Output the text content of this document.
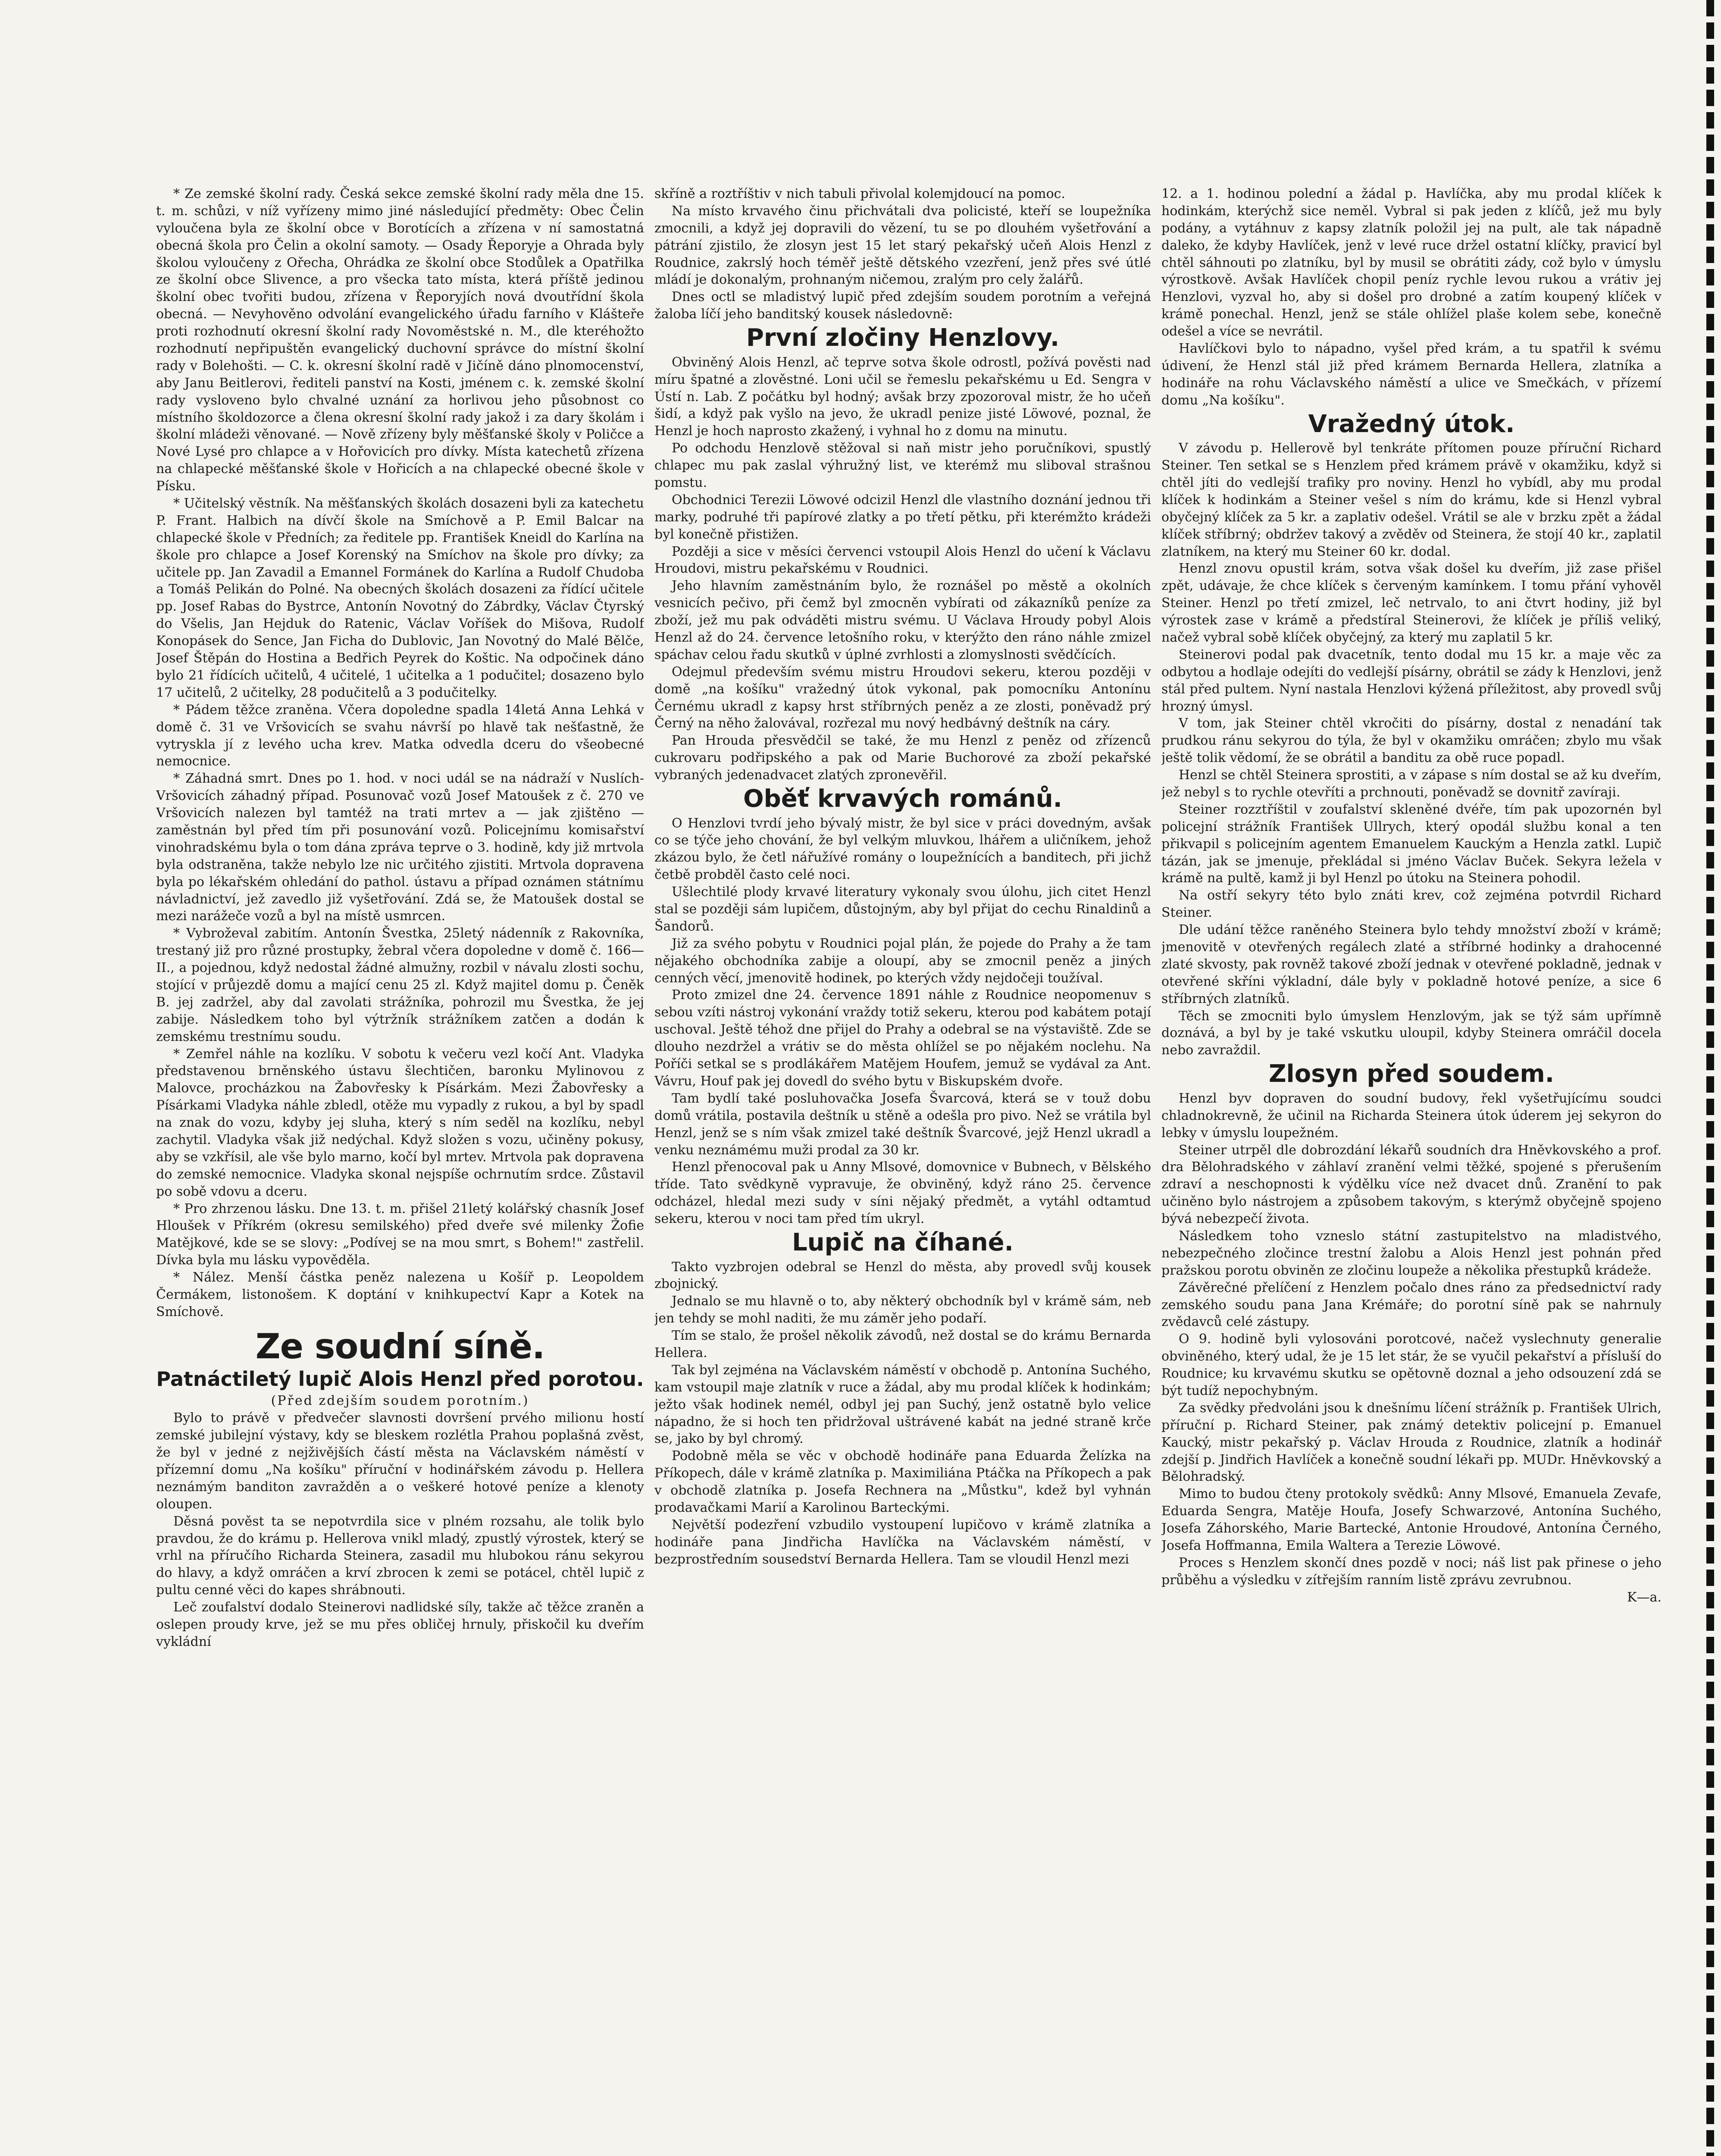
* Ze zemské školní rady. Česká sekce zemské školní rady měla dne 15. t. m. schůzi, v níž vyřízeny mimo jiné následující předměty: Obec Čelin vyloučena byla ze školní obce v Borotících a zřízena v ní samostatná obecná škola pro Čelin a okolní samoty. — Osady Řeporyje a Ohrada byly školou vyloučeny z Ořecha, Ohrádka ze školní obce Stodůlek a Opatřilka ze školní obce Slivence, a pro všecka tato místa, která příště jedinou školní obec tvořiti budou, zřízena v Řeporyjích nová dvoutřídní škola obecná. — Nevyhověno odvolání evangelického úřadu farního v Klášteře proti rozhodnutí okresní školní rady Novoměstské n. M., dle kteréhožto rozhodnutí nepřipuštěn evangelický duchovní správce do místní školní rady v Bolehošti. — C. k. okresní školní radě v Jičíně dáno plnomocenství, aby Janu Beitlerovi, řediteli panství na Kosti, jménem c. k. zemské školní rady vysloveno bylo chvalné uznání za horlivou jeho působnost co místního školdozorce a člena okresní školní rady jakož i za dary školám i školní mládeži věnované. — Nově zřízeny byly měšťanské školy v Poličce a Nové Lysé pro chlapce a v Hořovicích pro dívky. Místa katechetů zřízena na chlapecké měšťanské škole v Hořicích a na chlapecké obecné škole v Písku.

* Učitelský věstník. Na měšťanských školách dosazeni byli za katechetu P. Frant. Halbich na dívčí škole na Smíchově a P. Emil Balcar na chlapecké škole v Předních; za ředitele pp. František Kneidl do Karlína na škole pro chlapce a Josef Korenský na Smíchov na škole pro dívky; za učitele pp. Jan Zavadil a Emannel Formánek do Karlína a Rudolf Chudoba a Tomáš Pelikán do Polné. Na obecných školách dosazeni za řídící učitele pp. Josef Rabas do Bystrce, Antonín Novotný do Zábrdky, Václav Čtyrský do Všelis, Jan Hejduk do Ratenic, Václav Voříšek do Mišova, Rudolf Konopásek do Sence, Jan Ficha do Dublovic, Jan Novotný do Malé Bělče, Josef Štěpán do Hostina a Bedřich Peyrek do Koštic. Na odpočinek dáno bylo 21 řídících učitelů, 4 učitelé, 1 učitelka a 1 podučitel; dosazeno bylo 17 učitelů, 2 učitelky, 28 podučitelů a 3 podučitelky.

* Pádem těžce zraněna. Včera dopoledne spadla 14letá Anna Lehká v domě č. 31 ve Vršovicích se svahu návrší po hlavě tak nešťastně, že vytryskla jí z levého ucha krev. Matka odvedla dceru do všeobecné nemocnice.

* Záhadná smrt. Dnes po 1. hod. v noci udál se na nádraží v Nuslích-Vršovicích záhadný případ. Posunovač vozů Josef Matoušek z č. 270 ve Vršovicích nalezen byl tamtéž na trati mrtev a — jak zjištěno — zaměstnán byl před tím při posunování vozů. Policejnímu komisařství vinohradskému byla o tom dána zpráva teprve o 3. hodině, kdy již mrtvola byla odstraněna, takže nebylo lze nic určitého zjistiti. Mrtvola dopravena byla po lékařském ohledání do pathol. ústavu a případ oznámen státnímu návladnictví, jež zavedlo již vyšetřování. Zdá se, že Matoušek dostal se mezi narážeče vozů a byl na místě usmrcen.

* Vybroževal zabitím. Antonín Švestka, 25letý nádenník z Rakovníka, trestaný již pro různé prostupky, žebral včera dopoledne v domě č. 166—II., a pojednou, když nedostal žádné almužny, rozbil v návalu zlosti sochu, stojící v průjezdě domu a mající cenu 25 zl. Když majitel domu p. Čeněk B. jej zadržel, aby dal zavolati strážníka, pohrozil mu Švestka, že jej zabije. Následkem toho byl výtržník strážníkem zatčen a dodán k zemskému trestnímu soudu.

* Zemřel náhle na kozlíku. V sobotu k večeru vezl kočí Ant. Vladyka představenou brněnského ústavu šlechtičen, baronku Mylinovou z Malovce, procházkou na Žabovřesky k Písárkám. Mezi Žabovřesky a Písárkami Vladyka náhle zbledl, otěže mu vypadly z rukou, a byl by spadl na znak do vozu, kdyby jej sluha, který s ním seděl na kozlíku, nebyl zachytil. Vladyka však již nedýchal. Když složen s vozu, učiněny pokusy, aby se vzkřísil, ale vše bylo marno, kočí byl mrtev. Mrtvola pak dopravena do zemské nemocnice. Vladyka skonal nejspíše ochrnutím srdce. Zůstavil po sobě vdovu a dceru.

* Pro zhrzenou lásku. Dne 13. t. m. přišel 21letý kolářský chasník Josef Hloušek v Příkrém (okresu semilského) před dveře své milenky Žofie Matějkové, kde se se slovy: „Podívej se na mou smrt, s Bohem!" zastřelil. Dívka byla mu lásku vypověděla.

* Nález. Menší částka peněz nalezena u Košíř p. Leopoldem Čermákem, listonošem. K doptání v knihkupectví Kapr a Kotek na Smíchově.

Ze soudní síně.
Patnáctiletý lupič Alois Henzl před porotou.

(Před zdejším soudem porotním.)

Bylo to právě v předvečer slavnosti dovršení prvého milionu hostí zemské jubilejní výstavy, kdy se bleskem rozlétla Prahou poplašná zvěst, že byl v jedné z nejživějších částí města na Václavském náměstí v přízemní domu „Na košíku" příruční v hodinářském závodu p. Hellera neznámým banditon zavražděn a o veškeré hotové peníze a klenoty oloupen.

Děsná pověst ta se nepotvrdila sice v plném rozsahu, ale tolik bylo pravdou, že do krámu p. Hellerova vnikl mladý, zpustlý výrostek, který se vrhl na příručího Richarda Steinera, zasadil mu hlubokou ránu sekyrou do hlavy, a když omráčen a krví zbrocen k zemi se potácel, chtěl lupič z pultu cenné věci do kapes shrábnouti.

Leč zoufalství dodalo Steinerovi nadlidské síly, takže ač těžce zraněn a oslepen proudy krve, jež se mu přes obličej hrnuly, přiskočil ku dveřím vykládní

skříně a roztříštiv v nich tabuli přivolal kolemjdoucí na pomoc.

Na místo krvavého činu přichvátali dva policisté, kteří se loupežníka zmocnili, a když jej dopravili do vězení, tu se po dlouhém vyšetřování a pátrání zjistilo, že zlosyn jest 15 let starý pekařský učeň Alois Henzl z Roudnice, zakrslý hoch téměř ještě dětského vzezření, jenž přes své útlé mládí je dokonalým, prohnaným ničemou, zralým pro cely žalářů.

Dnes octl se mladistvý lupič před zdejším soudem porotním a veřejná žaloba líčí jeho banditský kousek následovně:

První zločiny Henzlovy.

Obviněný Alois Henzl, ač teprve sotva škole odrostl, požívá pověsti nad míru špatné a zlověstné. Loni učil se řemeslu pekařskému u Ed. Sengra v Ústí n. Lab. Z počátku byl hodný; avšak brzy zpozoroval mistr, že ho učeň šidí, a když pak vyšlo na jevo, že ukradl penize jisté Löwové, poznal, že Henzl je hoch naprosto zkažený, i vyhnal ho z domu na minutu.

Po odchodu Henzlově stěžoval si naň mistr jeho poručníkovi, spustlý chlapec mu pak zaslal výhružný list, ve kterémž mu sliboval strašnou pomstu.

Obchodnici Terezii Löwové odcizil Henzl dle vlastního doznání jednou tři marky, podruhé tři papírové zlatky a po třetí pětku, při kterémžto krádeži byl konečně přistižen.

Později a sice v měsíci červenci vstoupil Alois Henzl do učení k Václavu Hroudovi, mistru pekařskému v Roudnici.

Jeho hlavním zaměstnáním bylo, že roznášel po městě a okolních vesnicích pečivo, při čemž byl zmocněn vybírati od zákazníků peníze za zboží, jež mu pak odváděti mistru svému. U Václava Hroudy pobyl Alois Henzl až do 24. července letošního roku, v kterýžto den ráno náhle zmizel spáchav celou řadu skutků v úplné zvrhlosti a zlomyslnosti svědčících.

Odejmul především svému mistru Hroudovi sekeru, kterou později v domě „na košíku" vražedný útok vykonal, pak pomocníku Antonínu Černému ukradl z kapsy hrst stříbrných peněz a ze zlosti, poněvadž prý Černý na něho žalovával, rozřezal mu nový hedbávný deštník na cáry.

Pan Hrouda přesvědčil se také, že mu Henzl z peněz od zřízenců cukrovaru podřipského a pak od Marie Buchorové za zboží pekařské vybraných jedenadvacet zlatých zpronevěřil.

Oběť krvavých románů.

O Henzlovi tvrdí jeho bývalý mistr, že byl sice v práci dovedným, avšak co se týče jeho chování, že byl velkým mluvkou, lhářem a uličníkem, jehož zkázou bylo, že četl nářužívé romány o loupežnících a banditech, při jichž četbě probděl často celé noci.

Ušlechtilé plody krvavé literatury vykonaly svou úlohu, jich citet Henzl stal se později sám lupičem, důstojným, aby byl přijat do cechu Rinaldinů a Šandorů.

Již za svého pobytu v Roudnici pojal plán, že pojede do Prahy a že tam nějakého obchodníka zabije a oloupí, aby se zmocnil peněz a jiných cenných věcí, jmenovitě hodinek, po kterých vždy nejdočeji toužíval.

Proto zmizel dne 24. července 1891 náhle z Roudnice neopomenuv s sebou vzíti nástroj vykonání vraždy totiž sekeru, kterou pod kabátem potají uschoval. Ještě téhož dne přijel do Prahy a odebral se na výstaviště. Zde se dlouho nezdržel a vrátiv se do města ohlížel se po nějakém noclehu. Na Poříči setkal se s prodlákářem Matějem Houfem, jemuž se vydával za Ant. Vávru, Houf pak jej dovedl do svého bytu v Biskupském dvoře.

Tam bydlí také posluhovačka Josefa Švarcová, která se v touž dobu domů vrátila, postavila deštník u stěně a odešla pro pivo. Než se vrátila byl Henzl, jenž se s ním však zmizel také deštník Švarcové, jejž Henzl ukradl a venku neznámému muži prodal za 30 kr.

Henzl přenocoval pak u Anny Mlsové, domovnice v Bubnech, v Bělského tříde. Tato svědkyně vypravuje, že obviněný, když ráno 25. července odcházel, hledal mezi sudy v síni nějaký předmět, a vytáhl odtamtud sekeru, kterou v noci tam před tím ukryl.

Lupič na číhané.

Takto vyzbrojen odebral se Henzl do města, aby provedl svůj kousek zbojnický.

Jednalo se mu hlavně o to, aby některý obchodník byl v krámě sám, neb jen tehdy se mohl naditi, že mu záměr jeho podaří.

Tím se stalo, že prošel několik závodů, než dostal se do krámu Bernarda Hellera.

Tak byl zejména na Václavském náměstí v obchodě p. Antonína Suchého, kam vstoupil maje zlatník v ruce a žádal, aby mu prodal klíček k hodinkám; ježto však hodinek nemél, odbyl jej pan Suchý, jenž ostatně bylo velice nápadno, že si hoch ten přidržoval uštrávené kabát na jedné straně krče se, jako by byl chromý.

Podobně měla se věc v obchodě hodináře pana Eduarda Želízka na Příkopech, dále v krámě zlatníka p. Maximiliána Ptáčka na Příkopech a pak v obchodě zlatníka p. Josefa Rechnera na „Můstku", kdež byl vyhnán prodavačkami Marií a Karolinou Barteckými.

Největší podezření vzbudilo vystoupení lupičovo v krámě zlatníka a hodináře pana Jindřicha Havlíčka na Václavském náměstí, v bezprostředním sousedství Bernarda Hellera. Tam se vloudil Henzl mezi

12. a 1. hodinou polední a žádal p. Havlíčka, aby mu prodal klíček k hodinkám, kterýchž sice neměl. Vybral si pak jeden z klíčů, jež mu byly podány, a vytáhnuv z kapsy zlatník položil jej na pult, ale tak nápadně daleko, že kdyby Havlíček, jenž v levé ruce držel ostatní klíčky, pravicí byl chtěl sáhnouti po zlatníku, byl by musil se obrátiti zády, což bylo v úmyslu výrostkově. Avšak Havlíček chopil peníz rychle levou rukou a vrátiv jej Henzlovi, vyzval ho, aby si došel pro drobné a zatím koupený klíček v krámě ponechal. Henzl, jenž se stále ohlížel plaše kolem sebe, konečně odešel a více se nevrátil.

Havlíčkovi bylo to nápadno, vyšel před krám, a tu spatřil k svému údivení, že Henzl stál již před krámem Bernarda Hellera, zlatníka a hodináře na rohu Václavského náměstí a ulice ve Smečkách, v přízemí domu „Na košíku".

Vražedný útok.

V závodu p. Hellerově byl tenkráte přítomen pouze příruční Richard Steiner. Ten setkal se s Henzlem před krámem právě v okamžiku, když si chtěl jíti do vedlejší trafiky pro noviny. Henzl ho vybídl, aby mu prodal klíček k hodinkám a Steiner vešel s ním do krámu, kde si Henzl vybral obyčejný klíček za 5 kr. a zaplativ odešel. Vrátil se ale v brzku zpět a žádal klíček stříbrný; obdržev takový a zvěděv od Steinera, že stojí 40 kr., zaplatil zlatníkem, na který mu Steiner 60 kr. dodal.

Henzl znovu opustil krám, sotva však došel ku dveřím, již zase přišel zpět, udávaje, že chce klíček s červeným kamínkem. I tomu přání vyhověl Steiner. Henzl po třetí zmizel, leč netrvalo, to ani čtvrt hodiny, již byl výrostek zase v krámě a předstíral Steinerovi, že klíček je příliš veliký, načež vybral sobě klíček obyčejný, za který mu zaplatil 5 kr.

Steinerovi podal pak dvacetník, tento dodal mu 15 kr. a maje věc za odbytou a hodlaje odejíti do vedlejší písárny, obrátil se zády k Henzlovi, jenž stál před pultem. Nyní nastala Henzlovi kýžená příležitost, aby provedl svůj hrozný úmysl.

V tom, jak Steiner chtěl vkročiti do písárny, dostal z nenadání tak prudkou ránu sekyrou do týla, že byl v okamžiku omráčen; zbylo mu však ještě tolik vědomí, že se obrátil a banditu za obě ruce popadl.

Henzl se chtěl Steinera sprostiti, a v zápase s ním dostal se až ku dveřím, jež nebyl s to rychle otevříti a prchnouti, poněvadž se dovnitř zavíraji.

Steiner rozztříštil v zoufalství skleněné dvéře, tím pak upozornén byl policejní strážník František Ullrych, který opodál službu konal a ten přikvapil s policejním agentem Emanuelem Kauckým a Henzla zatkl. Lupič tázán, jak se jmenuje, překládal si jméno Václav Buček. Sekyra ležela v krámě na pultě, kamž ji byl Henzl po útoku na Steinera pohodil.

Na ostří sekyry této bylo znáti krev, což zejména potvrdil Richard Steiner.

Dle udání těžce raněného Steinera bylo tehdy množství zboží v krámě; jmenovitě v otevřených regálech zlaté a stříbrné hodinky a drahocenné zlaté skvosty, pak rovněž takové zboží jednak v otevřené pokladně, jednak v otevřené skříni výkladní, dále byly v pokladně hotové peníze, a sice 6 stříbrných zlatníků.

Těch se zmocniti bylo úmyslem Henzlovým, jak se týž sám upřímně doznává, a byl by je také vskutku uloupil, kdyby Steinera omráčil docela nebo zavraždil.

Zlosyn před soudem.

Henzl byv dopraven do soudní budovy, řekl vyšetřujícímu soudci chladnokrevně, že učinil na Richarda Steinera útok úderem jej sekyron do lebky v úmyslu loupežném.

Steiner utrpěl dle dobrozdání lékařů soudních dra Hněvkovského a prof. dra Bělohradského v záhlaví zranění velmi těžké, spojené s přerušením zdraví a neschopnosti k výdělku více než dvacet dnů. Zranění to pak učiněno bylo nástrojem a způsobem takovým, s kterýmž obyčejně spojeno bývá nebezpečí života.

Následkem toho vzneslo státní zastupitelstvo na mladistvého, nebezpečného zločince trestní žalobu a Alois Henzl jest pohnán před pražskou porotu obviněn ze zločinu loupeže a několika přestupků krádeže.

Závěrečné přelíčení z Henzlem počalo dnes ráno za předsednictví rady zemského soudu pana Jana Krémáře; do porotní síně pak se nahrnuly zvědavců celé zástupy.

O 9. hodině byli vylosováni porotcové, načež vyslechnuty generalie obviněného, který udal, že je 15 let stár, že se vyučil pekařství a přísluší do Roudnice; ku krvavému skutku se opětovně doznal a jeho odsouzení zdá se být tudíž nepochybným.

Za svědky předvoláni jsou k dnešnímu líčení strážník p. František Ulrich, příruční p. Richard Steiner, pak známý detektiv policejní p. Emanuel Kaucký, mistr pekařský p. Václav Hrouda z Roudnice, zlatník a hodinář zdejší p. Jindřich Havlíček a konečně soudní lékaři pp. MUDr. Hněvkovský a Bělohradský.

Mimo to budou čteny protokoly svědků: Anny Mlsové, Emanuela Zevafe, Eduarda Sengra, Matěje Houfa, Josefy Schwarzové, Antonína Suchého, Josefa Záhorského, Marie Bartecké, Antonie Hroudové, Antonína Černého, Josefa Hoffmanna, Emila Waltera a Terezie Löwové.

Proces s Henzlem skončí dnes pozdě v noci; náš list pak přinese o jeho průběhu a výsledku v zítřejším ranním listě zprávu zevrubnou.

K—a.
